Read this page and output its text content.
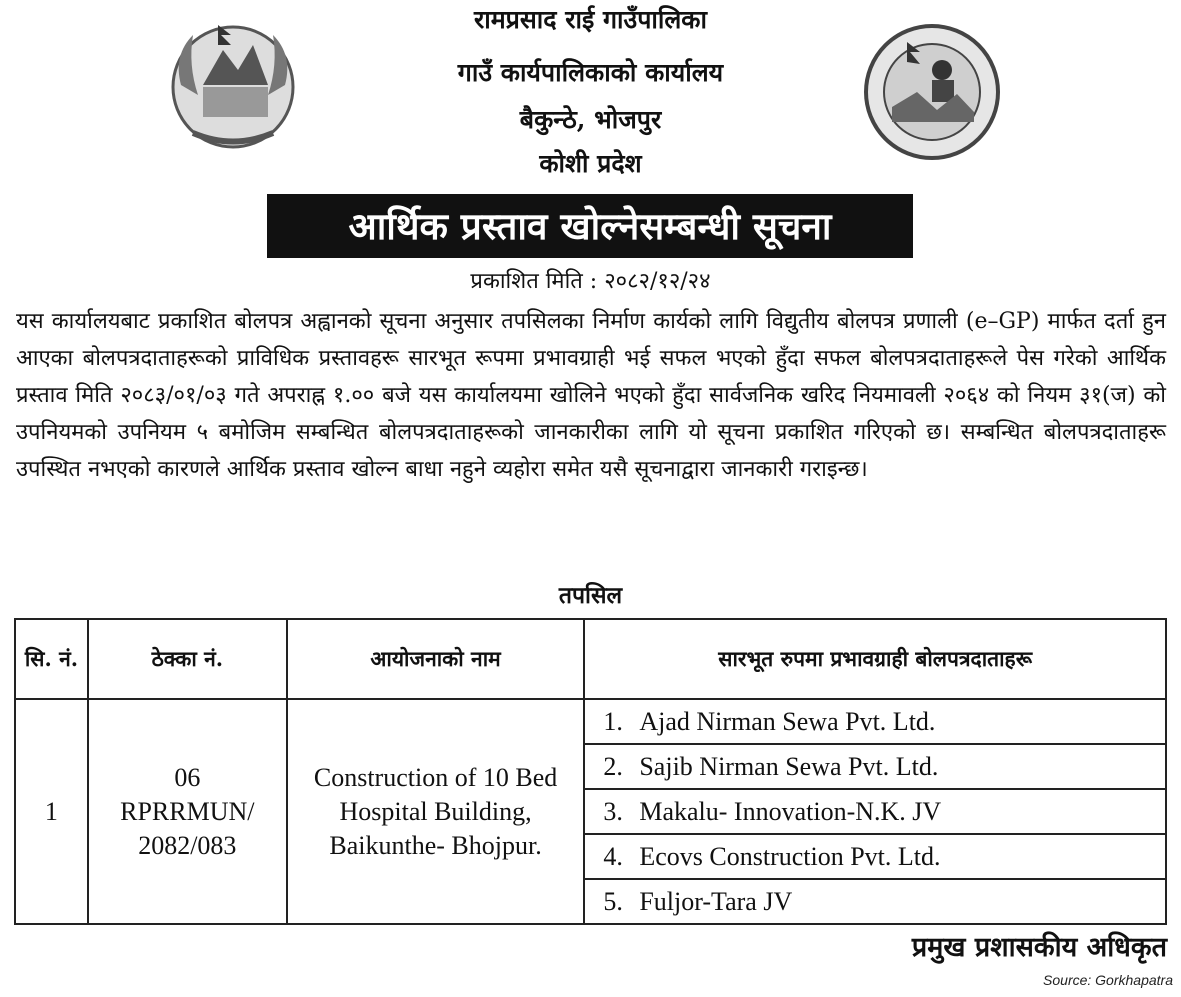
रामप्रसाद राई गाउँपालिका
गाउँ कार्यपालिकाको कार्यालय
बैकुन्ठे, भोजपुर
कोशी प्रदेश
आर्थिक प्रस्ताव खोल्नेसम्बन्धी सूचना
प्रकाशित मिति : २०८२/१२/२४
यस कार्यालयबाट प्रकाशित बोलपत्र अह्वानको सूचना अनुसार तपसिलका निर्माण कार्यको लागि विद्युतीय बोलपत्र प्रणाली (e–GP) मार्फत दर्ता हुन आएका बोलपत्रदाताहरूको प्राविधिक प्रस्तावहरू सारभूत रूपमा प्रभावग्राही भई सफल भएको हुँदा सफल बोलपत्रदाताहरूले पेस गरेको आर्थिक प्रस्ताव मिति २०८३/०१/०३ गते अपराह्न १.०० बजे यस कार्यालयमा खोलिने भएको हुँदा सार्वजनिक खरिद नियमावली २०६४ को नियम ३१(ज) को उपनियमको उपनियम ५ बमोजिम सम्बन्धित बोलपत्रदाताहरूको जानकारीका लागि यो सूचना प्रकाशित गरिएको छ। सम्बन्धित बोलपत्रदाताहरू उपस्थित नभएको कारणले आर्थिक प्रस्ताव खोल्न बाधा नहुने व्यहोरा समेत यसै सूचनाद्वारा जानकारी गराइन्छ।
तपसिल
सि. नं.	ठेक्का नं.	आयोजनाको नाम	सारभूत रुपमा प्रभावग्राही बोलपत्रदाताहरू
1	06 RPRRMUN/ 2082/083	Construction of 10 Bed Hospital Building, Baikunthe- Bhojpur.	1. Ajad Nirman Sewa Pvt. Ltd.
2. Sajib Nirman Sewa Pvt. Ltd.
3. Makalu- Innovation-N.K. JV
4. Ecovs Construction Pvt. Ltd.
5. Fuljor-Tara JV
प्रमुख प्रशासकीय अधिकृत
Source: Gorkhapatra
